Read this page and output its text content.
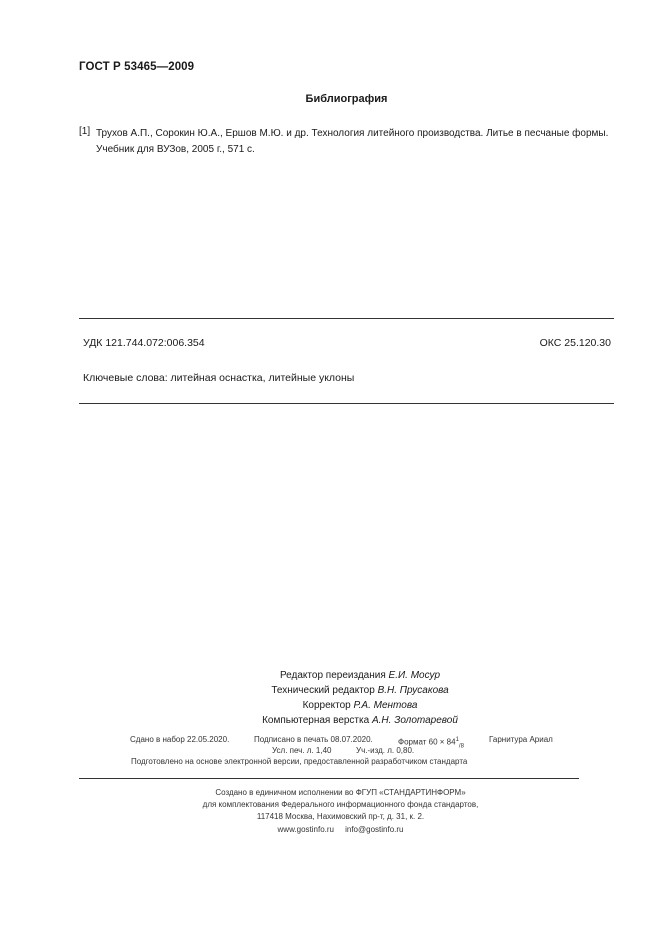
ГОСТ Р 53465—2009
Библиография
[1] Трухов А.П., Сорокин Ю.А., Ершов М.Ю. и др. Технология литейного производства. Литье в песчаные формы.
Учебник для ВУЗов, 2005 г., 571 с.
УДК 121.744.072:006.354	ОКС 25.120.30
Ключевые слова: литейная оснастка, литейные уклоны
Редактор переиздания Е.И. Мосур
Технический редактор В.Н. Прусакова
Корректор Р.А. Ментова
Компьютерная верстка А.Н. Золотаревой
Сдано в набор 22.05.2020.	Подписано в печать 08.07.2020.	Формат $60 \times 84^1_{/8}$
Гарнитура Ариал
Усл. печ. л. 1,40	Уч.-изд. л. 0,80.
Подготовлено на основе электронной версии, предоставленной разработчиком стандарта
Создано в единичном исполнении во ФГУП «СТАНДАРТИНФОРМ»
для комплектования Федерального информационного фонда стандартов,
117418 Москва, Нахимовский пр-т, д. 31, к. 2.
www.gostinfo.ru info@gostinfo.ru
